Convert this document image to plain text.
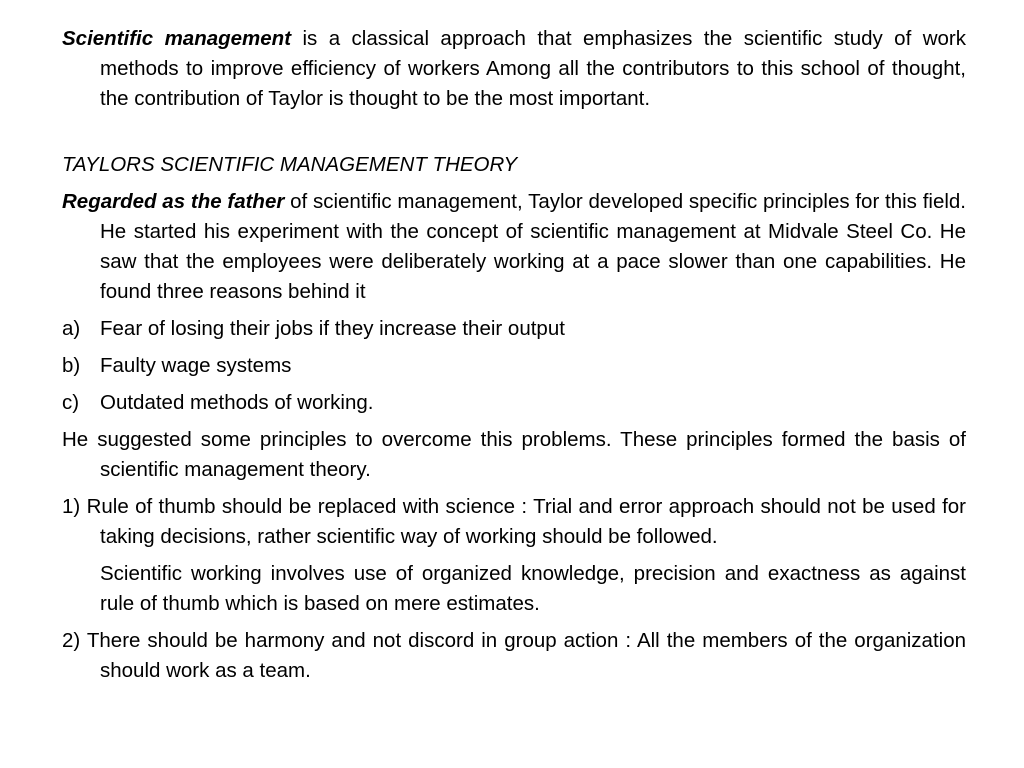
Scientific management is a classical approach that emphasizes the scientific study of work methods to improve efficiency of workers Among all the contributors to this school of thought, the contribution of Taylor is thought to be the most important.

TAYLORS SCIENTIFIC MANAGEMENT THEORY

Regarded as the father of scientific management, Taylor developed specific principles for this field. He started his experiment with the concept of scientific management at Midvale Steel Co. He saw that the employees were deliberately working at a pace slower than one capabilities. He found three reasons behind it

a) Fear of losing their jobs if they increase their output
b) Faulty wage systems
c)	Outdated methods of working.

He suggested some principles to overcome this problems. These principles formed the basis of scientific management theory.

1) Rule of thumb should be replaced with science : Trial and error approach should not be used for taking decisions, rather scientific way of working should be followed.

Scientific working involves use of organized knowledge, precision and exactness as against rule of thumb which is based on mere estimates.

2) There should be harmony and not discord in group action : All the members of the organization should work as a team.
